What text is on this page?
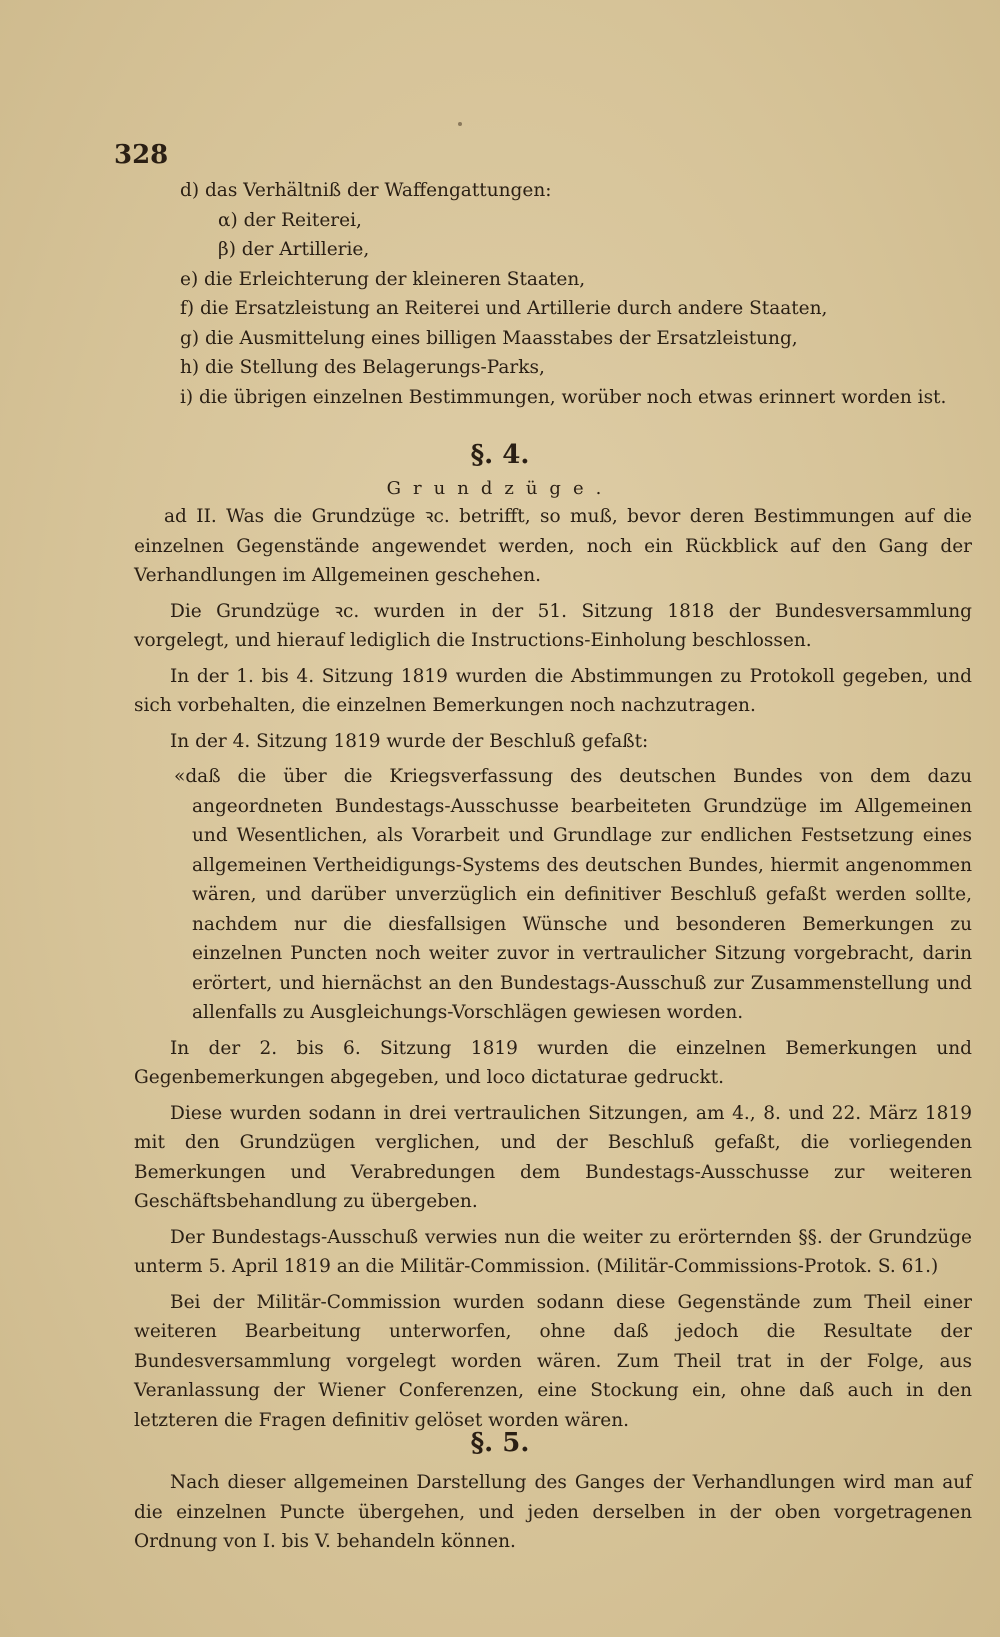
328
d) das Verhältniß der Waffengattungen:
α) der Reiterei,
β) der Artillerie,
e) die Erleichterung der kleineren Staaten,
f) die Ersatzleistung an Reiterei und Artillerie durch andere Staaten,
g) die Ausmittelung eines billigen Maasstabes der Ersatzleistung,
h) die Stellung des Belagerungs-Parks,
i) die übrigen einzelnen Bestimmungen, worüber noch etwas erinnert worden ist.
§. 4.
Grundzüge.

ad II. Was die Grundzüge ꝛc. betrifft, so muß, bevor deren Bestimmungen auf die einzelnen Gegenstände angewendet werden, noch ein Rückblick auf den Gang der Verhandlungen im Allgemeinen geschehen.

Die Grundzüge ꝛc. wurden in der 51. Sitzung 1818 der Bundesversammlung vorgelegt, und hierauf lediglich die Instructions-Einholung beschlossen.

In der 1. bis 4. Sitzung 1819 wurden die Abstimmungen zu Protokoll gegeben, und sich vorbehalten, die einzelnen Bemerkungen noch nachzutragen.

In der 4. Sitzung 1819 wurde der Beschluß gefaßt:

«daß die über die Kriegsverfassung des deutschen Bundes von dem dazu angeordneten Bundestags-Ausschusse bearbeiteten Grundzüge im Allgemeinen und Wesentlichen, als Vorarbeit und Grundlage zur endlichen Festsetzung eines allgemeinen Vertheidigungs-Systems des deutschen Bundes, hiermit angenommen wären, und darüber unverzüglich ein definitiver Beschluß gefaßt werden sollte, nachdem nur die diesfallsigen Wünsche und besonderen Bemerkungen zu einzelnen Puncten noch weiter zuvor in vertraulicher Sitzung vorgebracht, darin erörtert, und hiernächst an den Bundestags-Ausschuß zur Zusammenstellung und allenfalls zu Ausgleichungs-Vorschlägen gewiesen worden.

In der 2. bis 6. Sitzung 1819 wurden die einzelnen Bemerkungen und Gegenbemerkungen abgegeben, und loco dictaturae gedruckt.

Diese wurden sodann in drei vertraulichen Sitzungen, am 4., 8. und 22. März 1819 mit den Grundzügen verglichen, und der Beschluß gefaßt, die vorliegenden Bemerkungen und Verabredungen dem Bundestags-Ausschusse zur weiteren Geschäftsbehandlung zu übergeben.

Der Bundestags-Ausschuß verwies nun die weiter zu erörternden §§. der Grundzüge unterm 5. April 1819 an die Militär-Commission. (Militär-Commissions-Protok. S. 61.)

Bei der Militär-Commission wurden sodann diese Gegenstände zum Theil einer weiteren Bearbeitung unterworfen, ohne daß jedoch die Resultate der Bundesversammlung vorgelegt worden wären. Zum Theil trat in der Folge, aus Veranlassung der Wiener Conferenzen, eine Stockung ein, ohne daß auch in den letzteren die Fragen definitiv gelöset worden wären.

§. 5.

Nach dieser allgemeinen Darstellung des Ganges der Verhandlungen wird man auf die einzelnen Puncte übergehen, und jeden derselben in der oben vorgetragenen Ordnung von I. bis V. behandeln können.
